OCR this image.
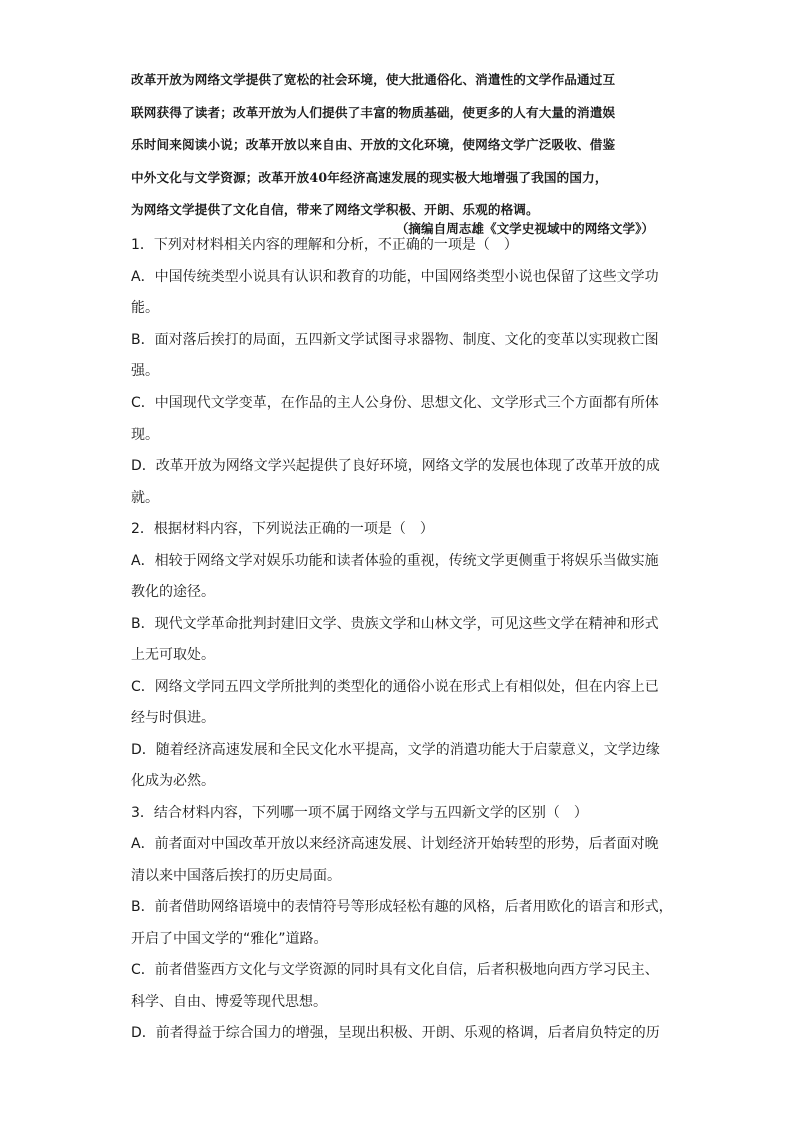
改革开放为网络文学提供了宽松的社会环境，使大批通俗化、消遣性的文学作品通过互
联网获得了读者；改革开放为人们提供了丰富的物质基础，使更多的人有大量的消遣娱
乐时间来阅读小说；改革开放以来自由、开放的文化环境，使网络文学广泛吸收、借鉴
中外文化与文学资源；改革开放40年经济高速发展的现实极大地增强了我国的国力，
为网络文学提供了文化自信，带来了网络文学积极、开朗、乐观的格调。
（摘编自周志雄《文学史视域中的网络文学》）
1．下列对材料相关内容的理解和分析，不正确的一项是（　）
A．中国传统类型小说具有认识和教育的功能，中国网络类型小说也保留了这些文学功
能。
B．面对落后挨打的局面，五四新文学试图寻求器物、制度、文化的变革以实现救亡图
强。
C．中国现代文学变革，在作品的主人公身份、思想文化、文学形式三个方面都有所体
现。
D．改革开放为网络文学兴起提供了良好环境，网络文学的发展也体现了改革开放的成
就。
2．根据材料内容，下列说法正确的一项是（　）
A．相较于网络文学对娱乐功能和读者体验的重视，传统文学更侧重于将娱乐当做实施
教化的途径。
B．现代文学革命批判封建旧文学、贵族文学和山林文学，可见这些文学在精神和形式
上无可取处。
C．网络文学同五四文学所批判的类型化的通俗小说在形式上有相似处，但在内容上已
经与时俱进。
D．随着经济高速发展和全民文化水平提高，文学的消遣功能大于启蒙意义，文学边缘
化成为必然。
3．结合材料内容，下列哪一项不属于网络文学与五四新文学的区别（　）
A．前者面对中国改革开放以来经济高速发展、计划经济开始转型的形势，后者面对晚
清以来中国落后挨打的历史局面。
B．前者借助网络语境中的表情符号等形成轻松有趣的风格，后者用欧化的语言和形式，
开启了中国文学的“雅化”道路。
C．前者借鉴西方文化与文学资源的同时具有文化自信，后者积极地向西方学习民主、
科学、自由、博爱等现代思想。
D．前者得益于综合国力的增强，呈现出积极、开朗、乐观的格调，后者肩负特定的历
